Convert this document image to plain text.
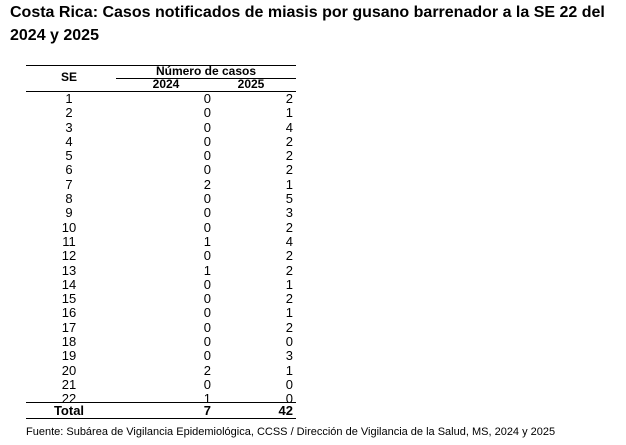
Costa Rica: Casos notificados de miasis por gusano barrenador a la SE 22 del 2024 y 2025
SE	Número de casos
2024	2025
1	0	2
2	0	1
3	0	4
4	0	2
5	0	2
6	0	2
7	2	1
8	0	5
9	0	3
10	0	2
11	1	4
12	0	2
13	1	2
14	0	1
15	0	2
16	0	1
17	0	2
18	0	0
19	0	3
20	2	1
21	0	0
22	1	0
Total	7	42
Fuente: Subárea de Vigilancia Epidemiológica, CCSS / Dirección de Vigilancia de la Salud, MS, 2024 y 2025
